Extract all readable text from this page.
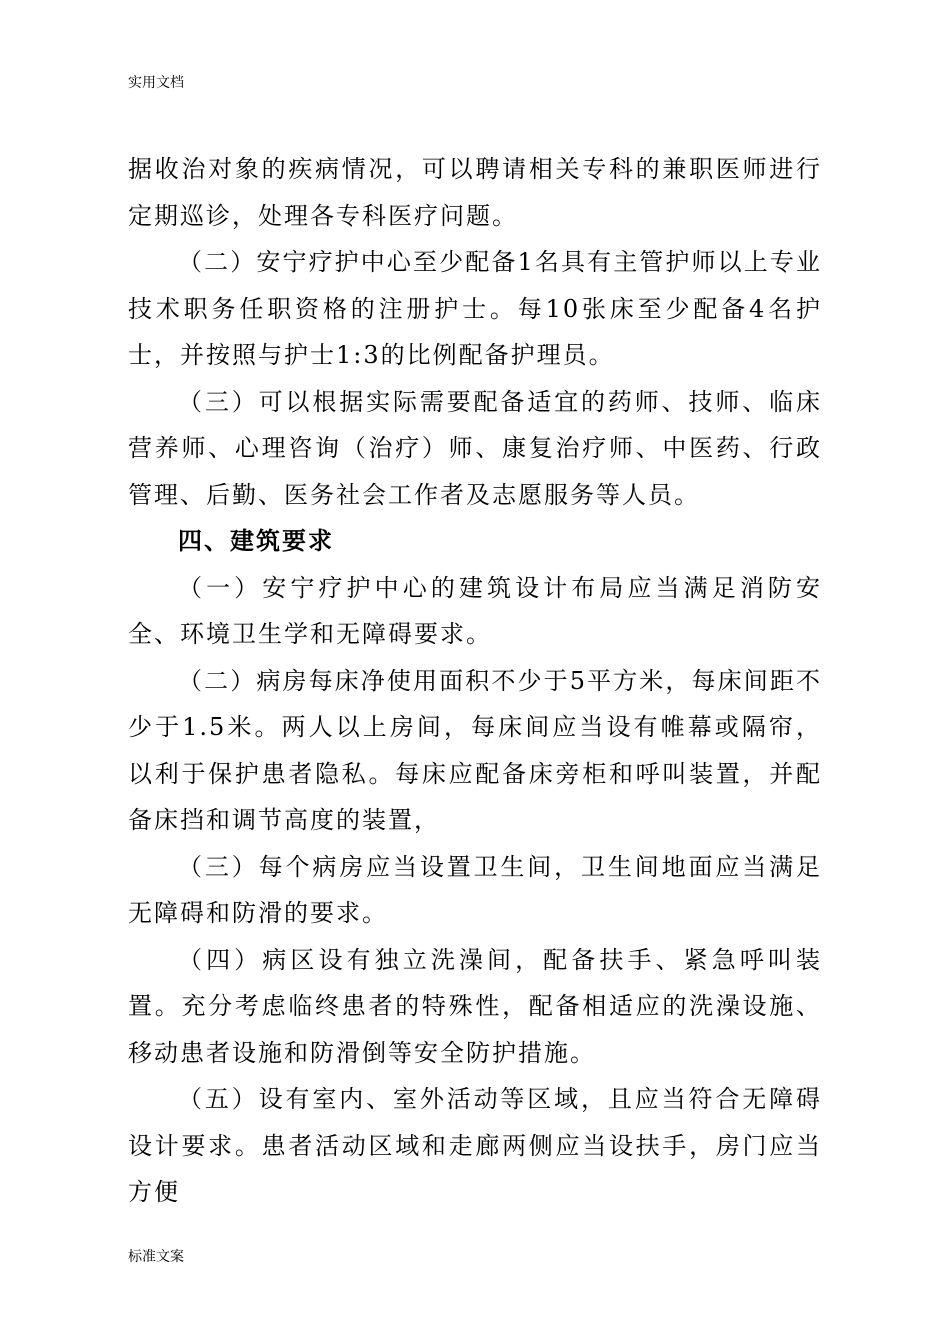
实用文档

据收治对象的疾病情况，可以聘请相关专科的兼职医师进行定期巡诊，处理各专科医疗问题。

（二）安宁疗护中心至少配备1名具有主管护师以上专业技术职务任职资格的注册护士。每10张床至少配备4名护士，并按照与护士1:3的比例配备护理员。

（三）可以根据实际需要配备适宜的药师、技师、临床营养师、心理咨询（治疗）师、康复治疗师、中医药、行政管理、后勤、医务社会工作者及志愿服务等人员。

四、建筑要求

（一）安宁疗护中心的建筑设计布局应当满足消防安全、环境卫生学和无障碍要求。

（二）病房每床净使用面积不少于5平方米，每床间距不少于1.5米。两人以上房间，每床间应当设有帷幕或隔帘，以利于保护患者隐私。每床应配备床旁柜和呼叫装置，并配备床挡和调节高度的装置，

（三）每个病房应当设置卫生间，卫生间地面应当满足无障碍和防滑的要求。

（四）病区设有独立洗澡间，配备扶手、紧急呼叫装置。充分考虑临终患者的特殊性，配备相适应的洗澡设施、移动患者设施和防滑倒等安全防护措施。

（五）设有室内、室外活动等区域，且应当符合无障碍设计要求。患者活动区域和走廊两侧应当设扶手，房门应当方便

标准文案
